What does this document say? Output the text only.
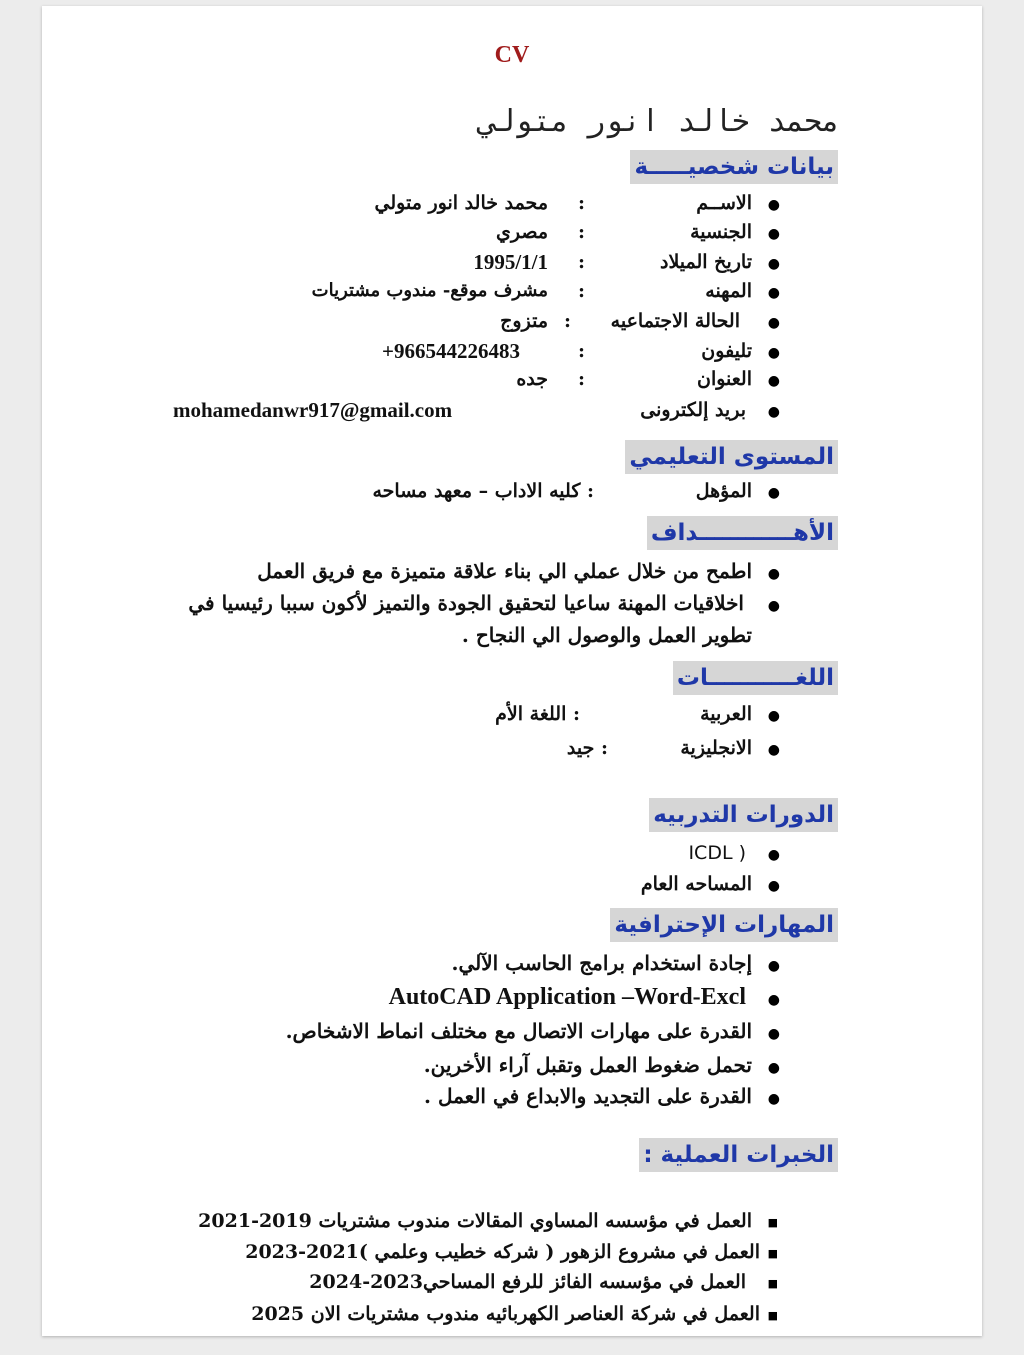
CV
محمد خالد انور متولي
بيانات شخصيـــــة
●
الاســم
:
محمد خالد انور متولي
●
الجنسية
:
مصري
●
تاريخ الميلاد
:
1995/1/1
●
المهنه
:
مشرف موقع- مندوب مشتريات
●
الحالة الاجتماعيه
:
متزوج
●
تليفون
:
+966544226483
●
العنوان
:
جده
●
بريد إلكترونى
mohamedanwr917@gmail.com
المستوى التعليمي
●
المؤهل
: كليه الاداب – معهد مساحه
الأهــــــــــــداف
●
اطمح من خلال عملي الي بناء علاقة متميزة مع فريق العمل
●
اخلاقيات المهنة ساعيا لتحقيق الجودة والتميز لأكون سببا رئيسيا في
تطوير العمل والوصول الي النجاح .
اللغـــــــــــات
●
العربية
: اللغة الأم
●
الانجليزية
: جيد
الدورات التدربيه
●
ICDL )
●
المساحه العام
المهارات الإحترافية
●
إجادة استخدام برامج الحاسب الآلي.
●
AutoCAD Application –Word-Excl
●
القدرة على مهارات الاتصال مع مختلف انماط الاشخاص.
●
تحمل ضغوط العمل وتقبل آراء الأخرين.
●
القدرة على التجديد والابداع في العمل .
الخبرات العملية :
■
العمل في مؤسسه المساوي المقالات مندوب مشتريات 2019-2021
■
العمل في مشروع الزهور ( شركه خطيب وعلمي )2021-2023
■
العمل في مؤسسه الفائز للرفع المساحي2023-2024
■
العمل في شركة العناصر الكهربائيه مندوب مشتريات الان 2025
